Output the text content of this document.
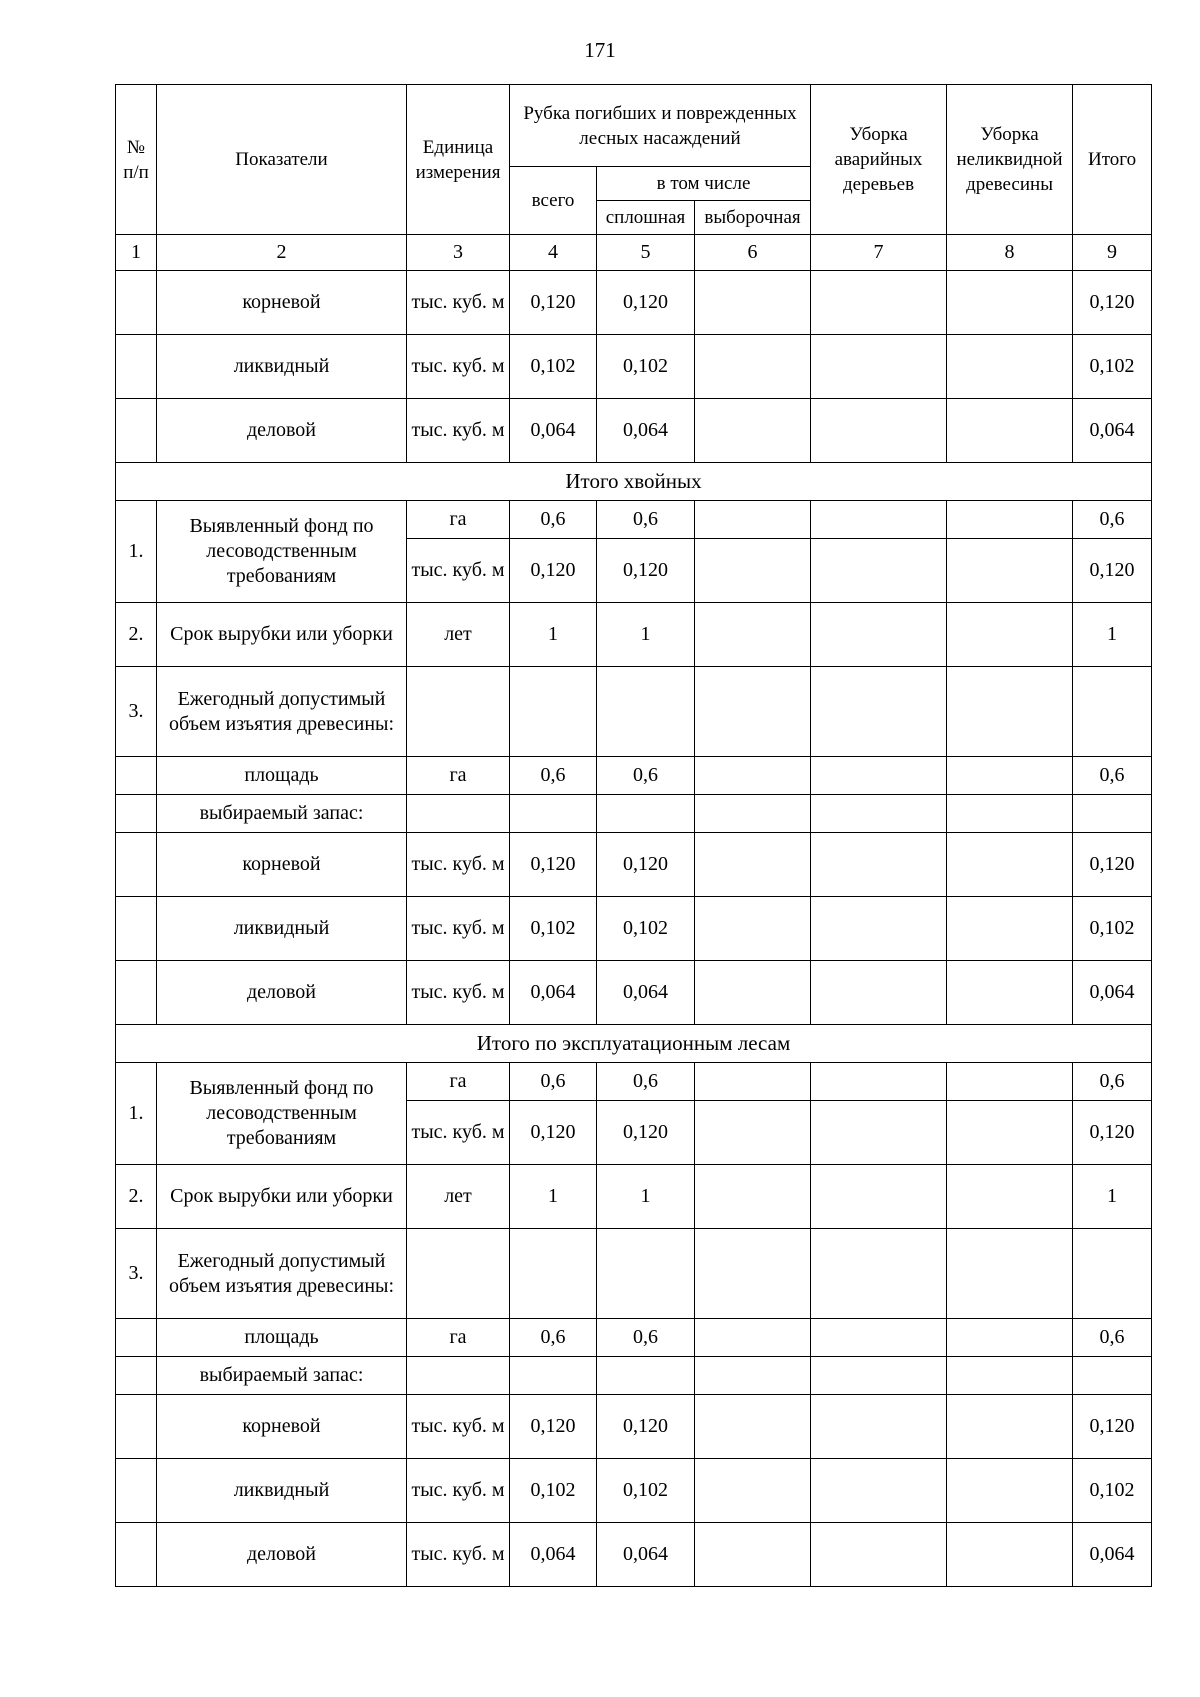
171
№ п/п	Показатели	Единица измерения	Рубка погибших и поврежденных лесных насаждений			Уборка аварийных деревьев	Уборка неликвидной древесины	Итого
			всего	в том числе				
				сплошная	выборочная			
1	2	3	4	5	6	7	8	9
	корневой	тыс. куб. м	0,120	0,120				0,120
	ликвидный	тыс. куб. м	0,102	0,102				0,102
	деловой	тыс. куб. м	0,064	0,064				0,064
Итого хвойных								
1.	Выявленный фонд по лесоводственным требованиям	га	0,6	0,6				0,6
		тыс. куб. м	0,120	0,120				0,120
2.	Срок вырубки или уборки	лет	1	1				1
3.	Ежегодный допустимый объем изъятия древесины:							
	площадь	га	0,6	0,6				0,6
	выбираемый запас:							
	корневой	тыс. куб. м	0,120	0,120				0,120
	ликвидный	тыс. куб. м	0,102	0,102				0,102
	деловой	тыс. куб. м	0,064	0,064				0,064
Итого по эксплуатационным лесам								
1.	Выявленный фонд по лесоводственным требованиям	га	0,6	0,6				0,6
		тыс. куб. м	0,120	0,120				0,120
2.	Срок вырубки или уборки	лет	1	1				1
3.	Ежегодный допустимый объем изъятия древесины:							
	площадь	га	0,6	0,6				0,6
	выбираемый запас:							
	корневой	тыс. куб. м	0,120	0,120				0,120
	ликвидный	тыс. куб. м	0,102	0,102				0,102
	деловой	тыс. куб. м	0,064	0,064				0,064
